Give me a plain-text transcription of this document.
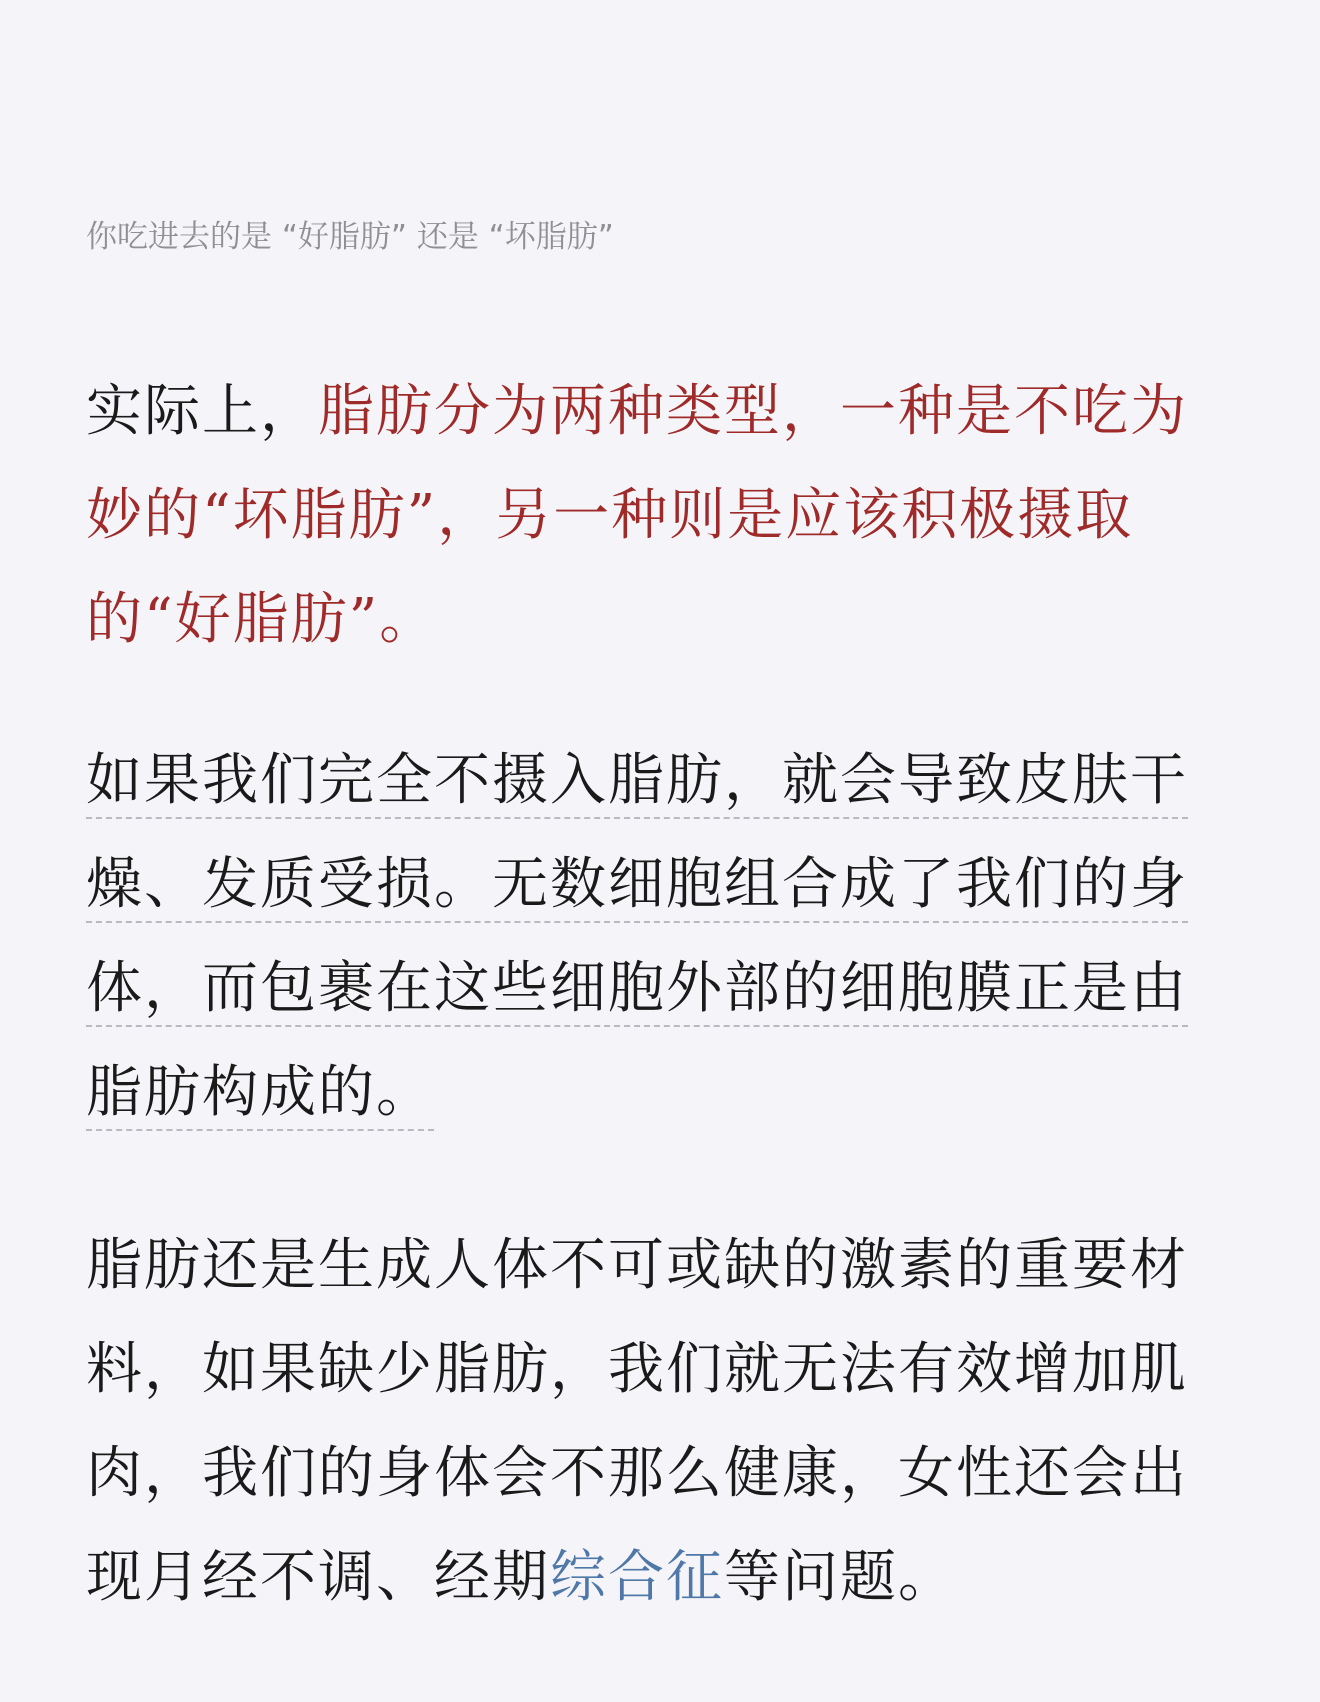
你吃进去的是 “好脂肪” 还是 “坏脂肪”

实际上，脂肪分为两种类型，一种是不吃为妙的“坏脂肪”，另一种则是应该积极摄取的“好脂肪”。

如果我们完全不摄入脂肪，就会导致皮肤干燥、发质受损。无数细胞组合成了我们的身体，而包裹在这些细胞外部的细胞膜正是由脂肪构成的。

脂肪还是生成人体不可或缺的激素的重要材料，如果缺少脂肪，我们就无法有效增加肌肉，我们的身体会不那么健康，女性还会出现月经不调、经期综合征等问题。
